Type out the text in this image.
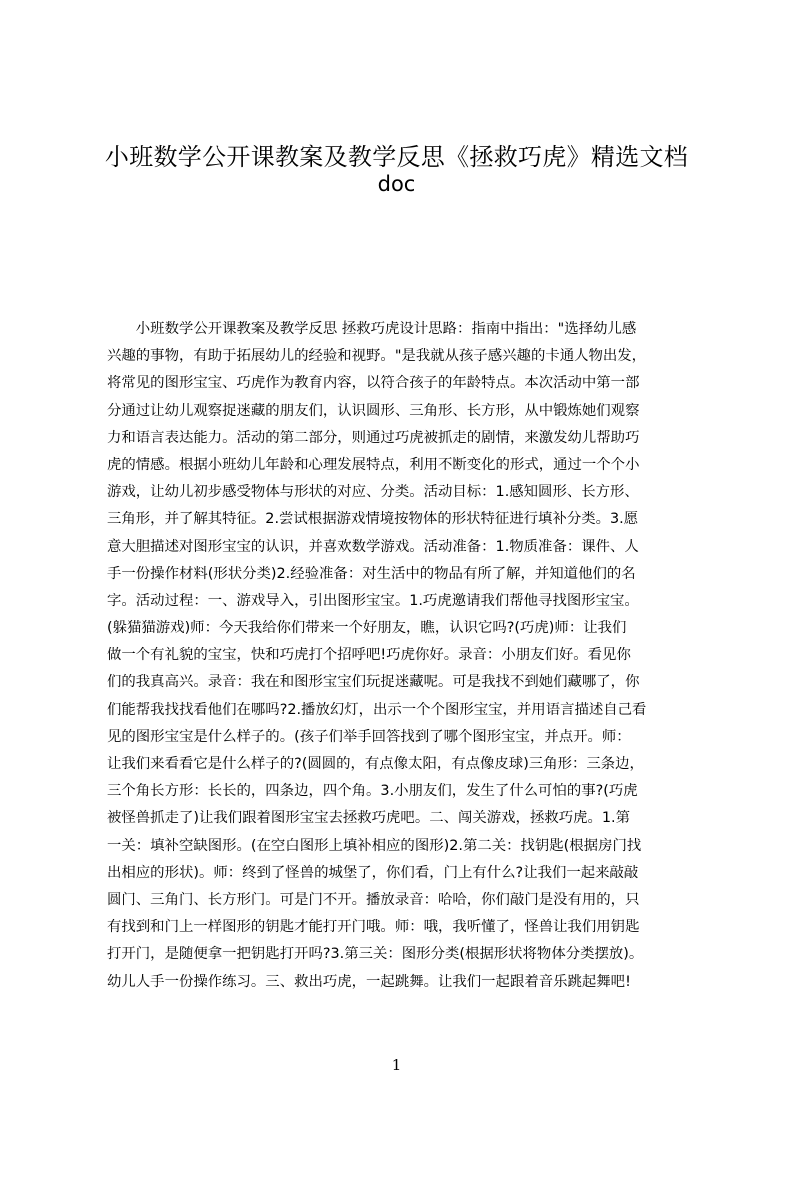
小班数学公开课教案及教学反思《拯救巧虎》精选文档
doc
　　小班数学公开课教案及教学反思 拯救巧虎设计思路：指南中指出："选择幼儿感
兴趣的事物，有助于拓展幼儿的经验和视野。"是我就从孩子感兴趣的卡通人物出发，
将常见的图形宝宝、巧虎作为教育内容，以符合孩子的年龄特点。本次活动中第一部
分通过让幼儿观察捉迷藏的朋友们，认识圆形、三角形、长方形，从中锻炼她们观察
力和语言表达能力。活动的第二部分，则通过巧虎被抓走的剧情，来激发幼儿帮助巧
虎的情感。根据小班幼儿年龄和心理发展特点，利用不断变化的形式，通过一个个小
游戏，让幼儿初步感受物体与形状的对应、分类。活动目标：1.感知圆形、长方形、
三角形，并了解其特征。2.尝试根据游戏情境按物体的形状特征进行填补分类。3.愿
意大胆描述对图形宝宝的认识，并喜欢数学游戏。活动准备：1.物质准备：课件、人
手一份操作材料(形状分类)2.经验准备：对生活中的物品有所了解，并知道他们的名
字。活动过程：一、游戏导入，引出图形宝宝。1.巧虎邀请我们帮他寻找图形宝宝。
(躲猫猫游戏)师：今天我给你们带来一个好朋友，瞧，认识它吗?(巧虎)师：让我们
做一个有礼貌的宝宝，快和巧虎打个招呼吧!巧虎你好。录音：小朋友们好。看见你
们的我真高兴。录音：我在和图形宝宝们玩捉迷藏呢。可是我找不到她们藏哪了，你
们能帮我找找看他们在哪吗?2.播放幻灯，出示一个个图形宝宝，并用语言描述自己看
见的图形宝宝是什么样子的。(孩子们举手回答找到了哪个图形宝宝，并点开。师：
让我们来看看它是什么样子的?(圆圆的，有点像太阳，有点像皮球)三角形：三条边，
三个角长方形：长长的，四条边，四个角。3.小朋友们，发生了什么可怕的事?(巧虎
被怪兽抓走了)让我们跟着图形宝宝去拯救巧虎吧。二、闯关游戏，拯救巧虎。1.第
一关：填补空缺图形。(在空白图形上填补相应的图形)2.第二关：找钥匙(根据房门找
出相应的形状)。师：终到了怪兽的城堡了，你们看，门上有什么?让我们一起来敲敲
圆门、三角门、长方形门。可是门不开。播放录音：哈哈，你们敲门是没有用的，只
有找到和门上一样图形的钥匙才能打开门哦。师：哦，我听懂了，怪兽让我们用钥匙
打开门，是随便拿一把钥匙打开吗?3.第三关：图形分类(根据形状将物体分类摆放)。
幼儿人手一份操作练习。三、救出巧虎，一起跳舞。让我们一起跟着音乐跳起舞吧!
1
